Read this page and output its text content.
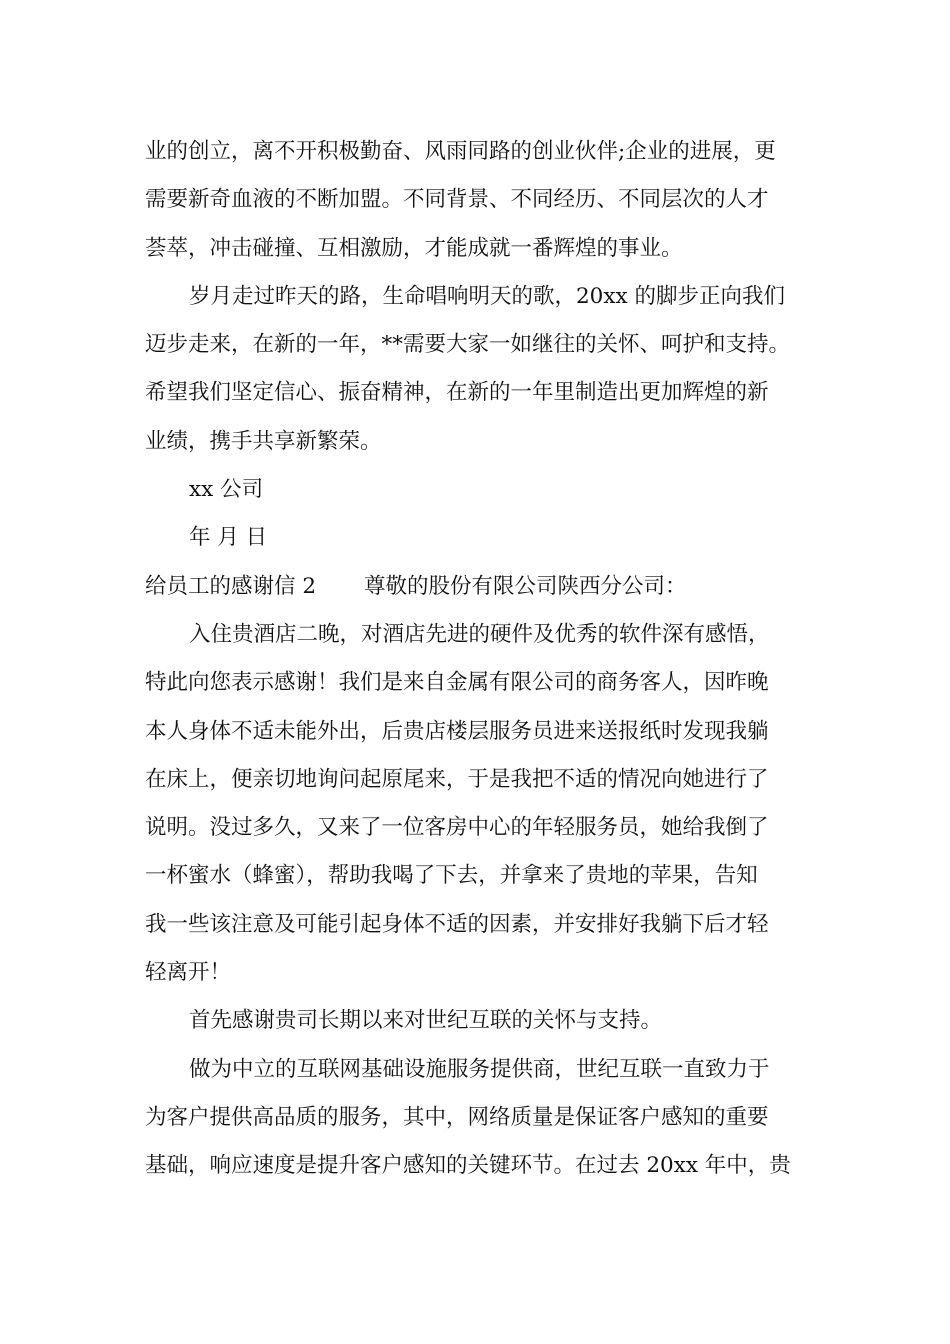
业的创立，离不开积极勤奋、风雨同路的创业伙伴;企业的进展，更
需要新奇血液的不断加盟。不同背景、不同经历、不同层次的人才
荟萃，冲击碰撞、互相激励，才能成就一番辉煌的事业。

岁月走过昨天的路，生命唱响明天的歌，20xx 的脚步正向我们
迈步走来，在新的一年，**需要大家一如继往的关怀、呵护和支持。
希望我们坚定信心、振奋精神，在新的一年里制造出更加辉煌的新
业绩，携手共享新繁荣。

xx 公司

年 月 日

给员工的感谢信 2 尊敬的股份有限公司陕西分公司：

入住贵酒店二晚，对酒店先进的硬件及优秀的软件深有感悟，
特此向您表示感谢！我们是来自金属有限公司的商务客人，因昨晚
本人身体不适未能外出，后贵店楼层服务员进来送报纸时发现我躺
在床上，便亲切地询问起原尾来，于是我把不适的情况向她进行了
说明。没过多久，又来了一位客房中心的年轻服务员，她给我倒了
一杯蜜水（蜂蜜），帮助我喝了下去，并拿来了贵地的苹果，告知
我一些该注意及可能引起身体不适的因素，并安排好我躺下后才轻
轻离开！

首先感谢贵司长期以来对世纪互联的关怀与支持。

做为中立的互联网基础设施服务提供商，世纪互联一直致力于
为客户提供高品质的服务，其中，网络质量是保证客户感知的重要
基础，响应速度是提升客户感知的关键环节。在过去 20xx 年中，贵
